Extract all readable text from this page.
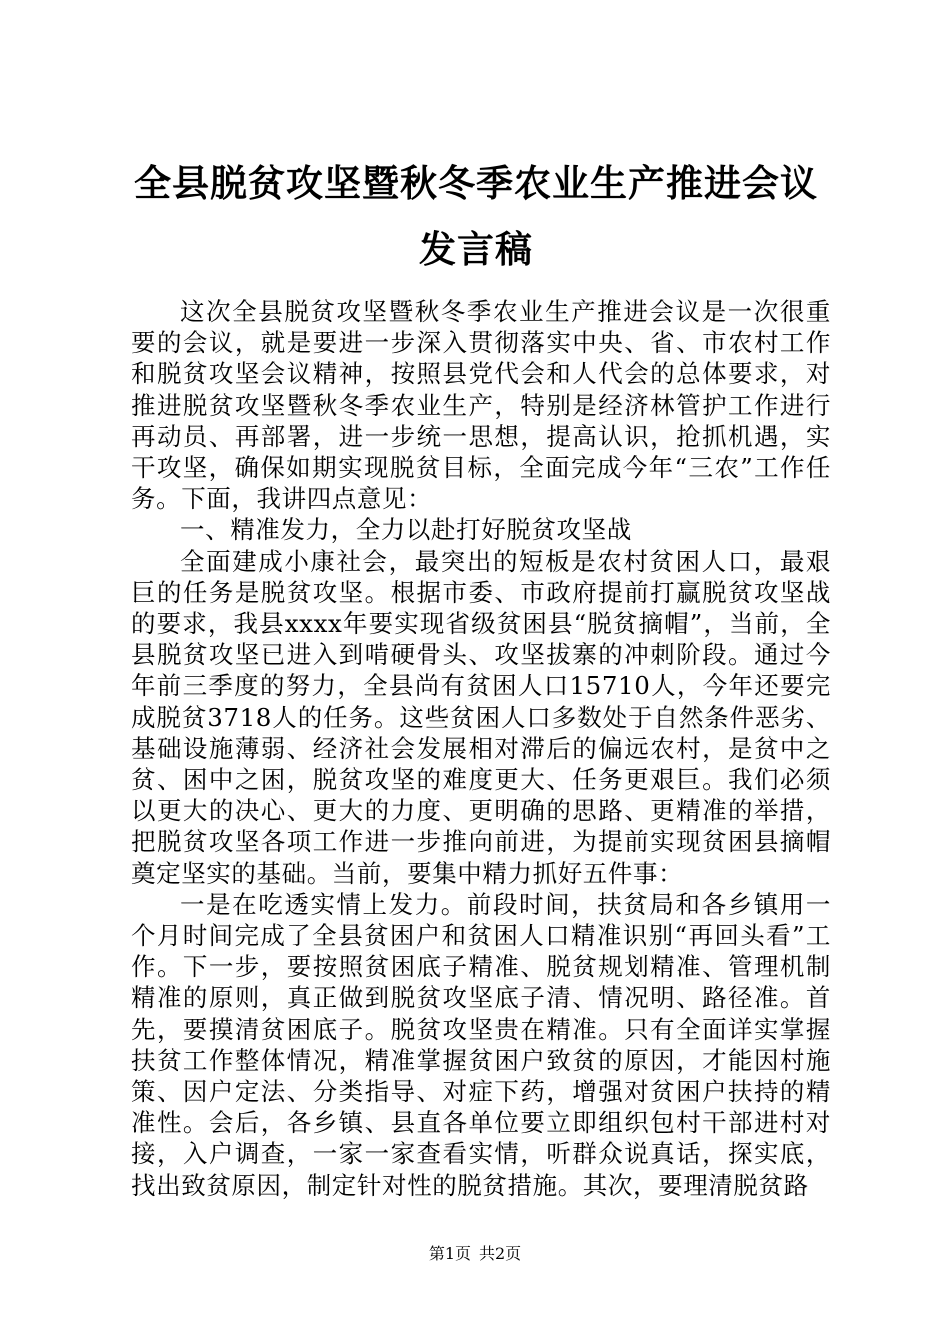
全县脱贫攻坚暨秋冬季农业生产推进会议发言稿

这次全县脱贫攻坚暨秋冬季农业生产推进会议是一次很重要的会议，就是要进一步深入贯彻落实中央、省、市农村工作和脱贫攻坚会议精神，按照县党代会和人代会的总体要求，对推进脱贫攻坚暨秋冬季农业生产，特别是经济林管护工作进行再动员、再部署，进一步统一思想，提高认识，抢抓机遇，实干攻坚，确保如期实现脱贫目标，全面完成今年“三农”工作任务。下面，我讲四点意见：

一、精准发力，全力以赴打好脱贫攻坚战

全面建成小康社会，最突出的短板是农村贫困人口，最艰巨的任务是脱贫攻坚。根据市委、市政府提前打赢脱贫攻坚战的要求，我县xxxx年要实现省级贫困县“脱贫摘帽”，当前，全县脱贫攻坚已进入到啃硬骨头、攻坚拔寨的冲刺阶段。通过今年前三季度的努力，全县尚有贫困人口15710人，今年还要完成脱贫3718人的任务。这些贫困人口多数处于自然条件恶劣、基础设施薄弱、经济社会发展相对滞后的偏远农村，是贫中之贫、困中之困，脱贫攻坚的难度更大、任务更艰巨。我们必须以更大的决心、更大的力度、更明确的思路、更精准的举措，把脱贫攻坚各项工作进一步推向前进，为提前实现贫困县摘帽奠定坚实的基础。当前，要集中精力抓好五件事：

一是在吃透实情上发力。前段时间，扶贫局和各乡镇用一个月时间完成了全县贫困户和贫困人口精准识别“再回头看”工作。下一步，要按照贫困底子精准、脱贫规划精准、管理机制精准的原则，真正做到脱贫攻坚底子清、情况明、路径准。首先，要摸清贫困底子。脱贫攻坚贵在精准。只有全面详实掌握扶贫工作整体情况，精准掌握贫困户致贫的原因，才能因村施策、因户定法、分类指导、对症下药，增强对贫困户扶持的精准性。会后，各乡镇、县直各单位要立即组织包村干部进村对接，入户调查，一家一家查看实情，听群众说真话，探实底，找出致贫原因，制定针对性的脱贫措施。其次，要理清脱贫路

第1页 共2页
